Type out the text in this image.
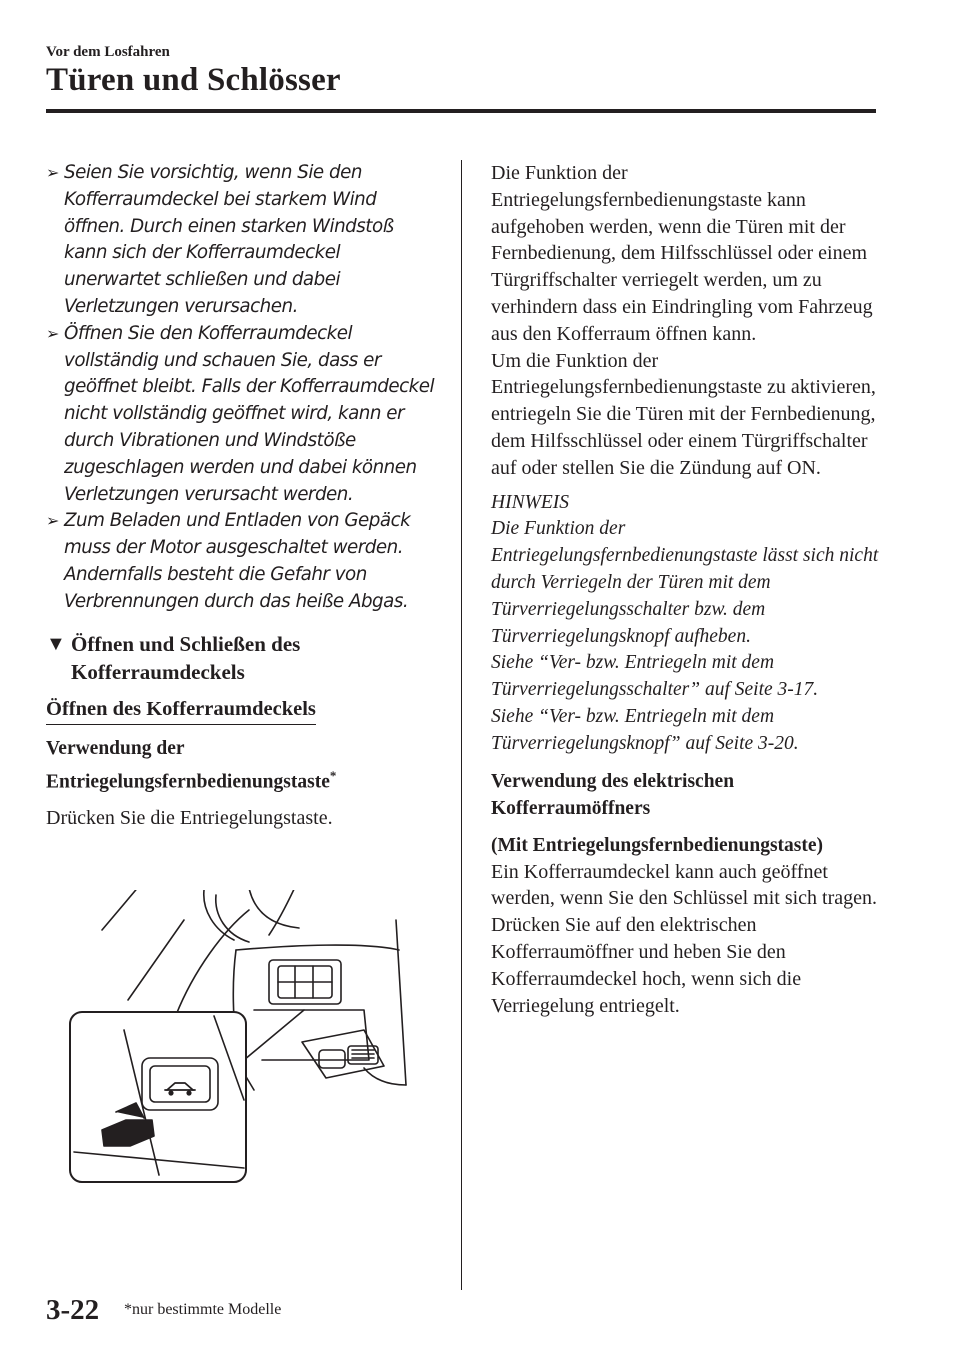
Vor dem Losfahren
Türen und Schlösser
➢ Seien Sie vorsichtig, wenn Sie den Kofferraumdeckel bei starkem Wind öffnen. Durch einen starken Windstoß kann sich der Kofferraumdeckel unerwartet schließen und dabei Verletzungen verursachen.
➢ Öffnen Sie den Kofferraumdeckel vollständig und schauen Sie, dass er geöffnet bleibt. Falls der Kofferraumdeckel nicht vollständig geöffnet wird, kann er durch Vibrationen und Windstöße zugeschlagen werden und dabei können Verletzungen verursacht werden.
➢ Zum Beladen und Entladen von Gepäck muss der Motor ausgeschaltet werden. Andernfalls besteht die Gefahr von Verbrennungen durch das heiße Abgas.
▼ Öffnen und Schließen des Kofferraumdeckels
Öffnen des Kofferraumdeckels
Verwendung der Entriegelungsfernbedienungstaste*

Drücken Sie die Entriegelungstaste.

Die Funktion der Entriegelungsfernbedienungstaste kann aufgehoben werden, wenn die Türen mit der Fernbedienung, dem Hilfsschlüssel oder einem Türgriffschalter verriegelt werden, um zu verhindern dass ein Eindringling vom Fahrzeug aus den Kofferraum öffnen kann.

Um die Funktion der Entriegelungsfernbedienungstaste zu aktivieren, entriegeln Sie die Türen mit der Fernbedienung, dem Hilfsschlüssel oder einem Türgriffschalter auf oder stellen Sie die Zündung auf ON.

HINWEIS

Die Funktion der Entriegelungsfernbedienungstaste lässt sich nicht durch Verriegeln der Türen mit dem Türverriegelungsschalter bzw. dem Türverriegelungsknopf aufheben.

Siehe “Ver- bzw. Entriegeln mit dem Türverriegelungsschalter” auf Seite 3-17.

Siehe “Ver- bzw. Entriegeln mit dem Türverriegelungsknopf” auf Seite 3-20.

Verwendung des elektrischen Kofferraumöffners
(Mit Entriegelungsfernbedienungstaste)

Ein Kofferraumdeckel kann auch geöffnet werden, wenn Sie den Schlüssel mit sich tragen.

Drücken Sie auf den elektrischen Kofferraumöffner und heben Sie den Kofferraumdeckel hoch, wenn sich die Verriegelung entriegelt.

3-22 *nur bestimmte Modelle
